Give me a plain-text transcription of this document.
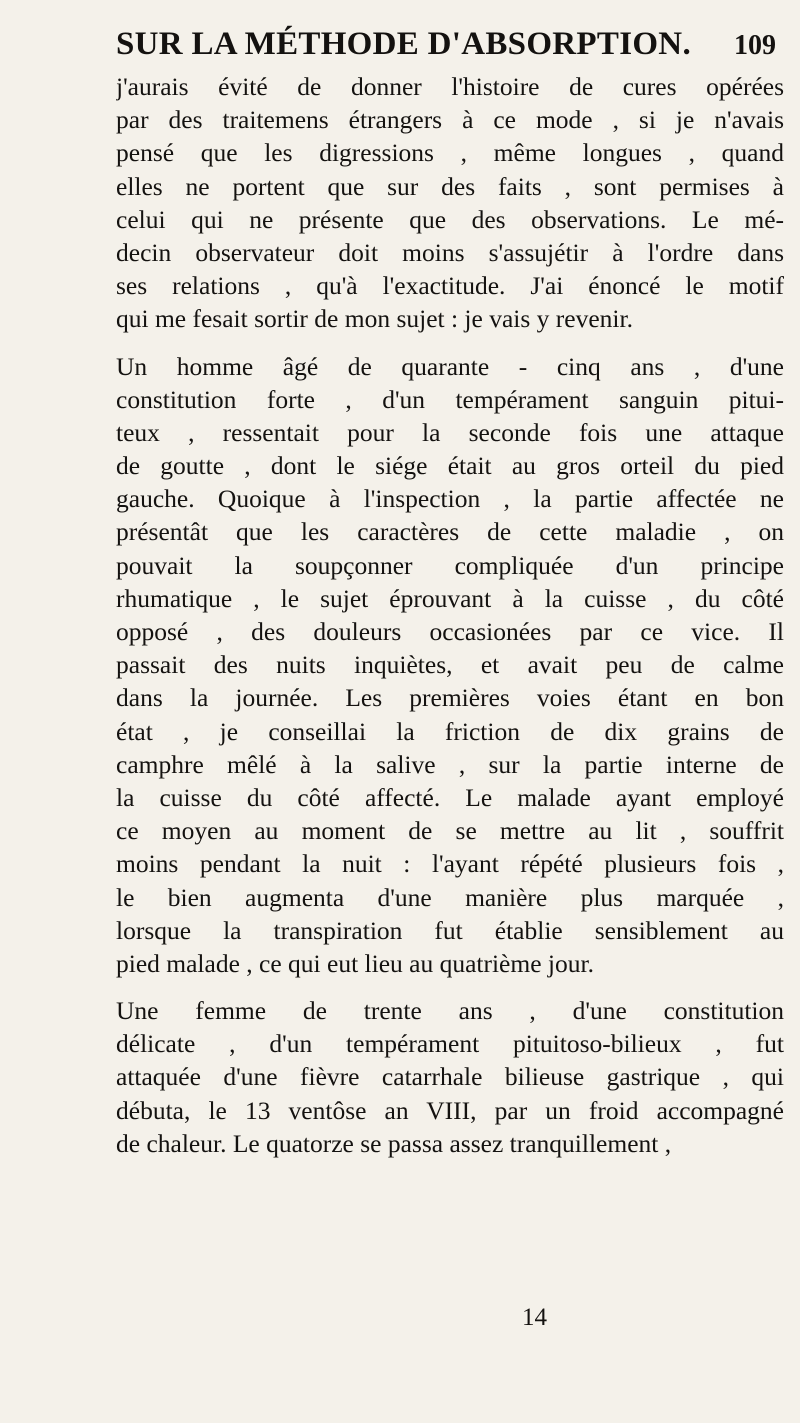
SUR LA MÉTHODE D'ABSORPTION. 109
j'aurais évité de donner l'histoire de cures opérées
par des traitemens étrangers à ce mode , si je n'avais
pensé que les digressions , même longues , quand
elles ne portent que sur des faits , sont permises à
celui qui ne présente que des observations. Le mé-
decin observateur doit moins s'assujétir à l'ordre dans
ses relations , qu'à l'exactitude. J'ai énoncé le motif
qui me fesait sortir de mon sujet : je vais y revenir.
Un homme âgé de quarante - cinq ans , d'une
constitution forte , d'un tempérament sanguin pitui-
teux , ressentait pour la seconde fois une attaque
de goutte , dont le siége était au gros orteil du pied
gauche. Quoique à l'inspection , la partie affectée ne
présentât que les caractères de cette maladie , on
pouvait la soupçonner compliquée d'un principe
rhumatique , le sujet éprouvant à la cuisse , du côté
opposé , des douleurs occasionées par ce vice. Il
passait des nuits inquiètes, et avait peu de calme
dans la journée. Les premières voies étant en bon
état , je conseillai la friction de dix grains de
camphre mêlé à la salive , sur la partie interne de
la cuisse du côté affecté. Le malade ayant employé
ce moyen au moment de se mettre au lit , souffrit
moins pendant la nuit : l'ayant répété plusieurs fois ,
le bien augmenta d'une manière plus marquée ,
lorsque la transpiration fut établie sensiblement au
pied malade , ce qui eut lieu au quatrième jour.
Une femme de trente ans , d'une constitution
délicate , d'un tempérament pituitoso-bilieux , fut
attaquée d'une fièvre catarrhale bilieuse gastrique , qui
débuta, le 13 ventôse an VIII, par un froid accompagné
de chaleur. Le quatorze se passa assez tranquillement ,
14
